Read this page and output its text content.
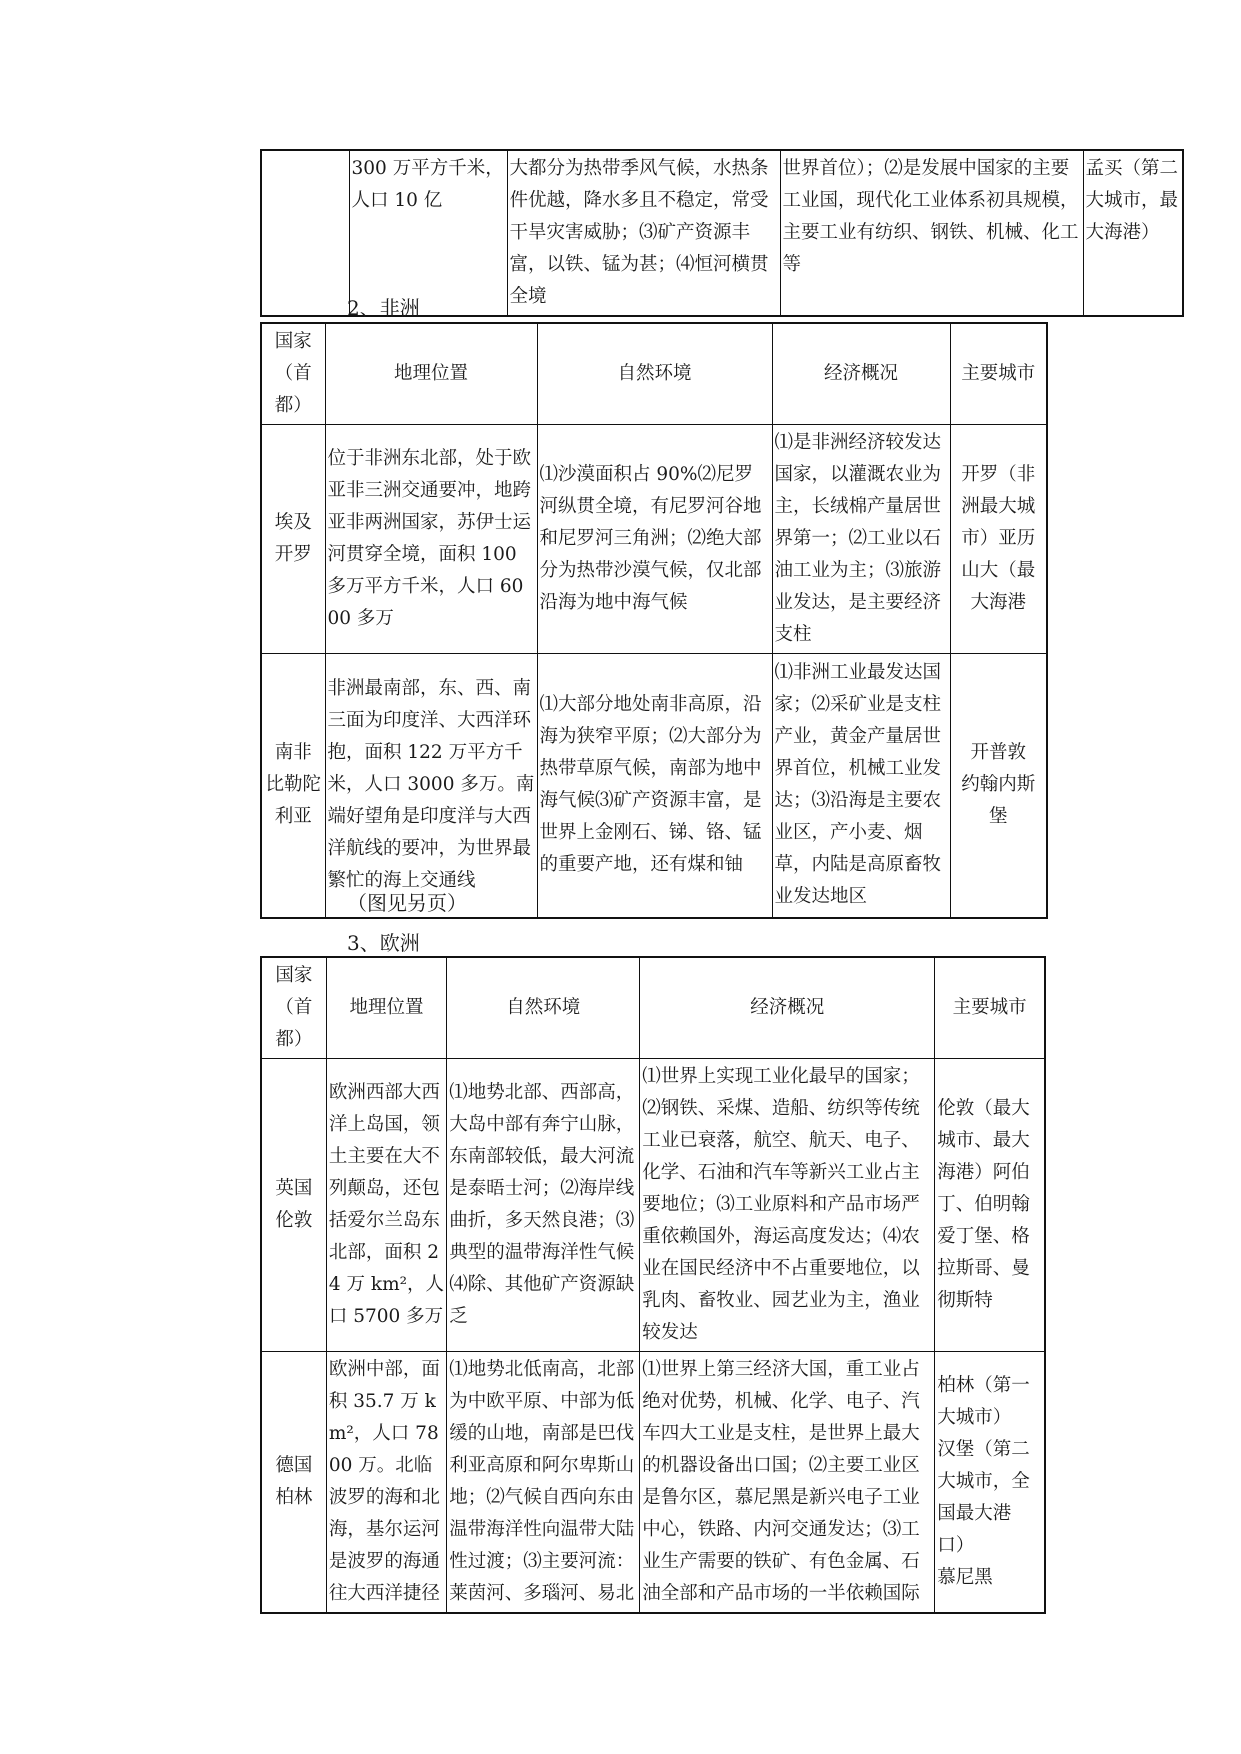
	300 万平方千米，人口 10 亿	大都分为热带季风气候，水热条件优越，降水多且不稳定，常受干旱灾害威胁；⑶矿产资源丰富，以铁、锰为甚；⑷恒河横贯全境	世界首位）；⑵是发展中国家的主要工业国，现代化工业体系初具规模，主要工业有纺织、钢铁、机械、化工等	孟买（第二大城市，最大海港）
2、非洲
国家（首都）	地理位置	自然环境	经济概况	主要城市

埃及
开罗	位于非洲东北部，处于欧亚非三洲交通要冲，地跨亚非两洲国家，苏伊士运河贯穿全境，面积 100 多万平方千米，人口 6000 多万	⑴沙漠面积占 90%⑵尼罗河纵贯全境，有尼罗河谷地和尼罗河三角洲；⑵绝大部分为热带沙漠气候，仅北部沿海为地中海气候	⑴是非洲经济较发达国家，以灌溉农业为主，长绒棉产量居世界第一；⑵工业以石油工业为主；⑶旅游业发达，是主要经济支柱	开罗（非洲最大城市）亚历山大（最大海港

南非
比勒陀利亚	非洲最南部，东、西、南三面为印度洋、大西洋环抱，面积 122 万平方千米，人口 3000 多万。南端好望角是印度洋与大西洋航线的要冲，为世界最繁忙的海上交通线	⑴大部分地处南非高原，沿海为狭窄平原；⑵大部分为热带草原气候，南部为地中海气候⑶矿产资源丰富，是世界上金刚石、锑、铬、锰的重要产地，还有煤和铀	⑴非洲工业最发达国家；⑵采矿业是支柱产业，黄金产量居世界首位，机械工业发达；⑶沿海是主要农业区，产小麦、烟草，内陆是高原畜牧业发达地区	开普敦
约翰内斯堡
（图见另页）
3、欧洲
国家（首都）	地理位置	自然环境	经济概况	主要城市

英国
伦敦	欧洲西部大西洋上岛国，领土主要在大不列颠岛，还包括爱尔兰岛东北部，面积 24 万 km²，人口 5700 多万	⑴地势北部、西部高，大岛中部有奔宁山脉，东南部较低，最大河流是泰晤士河；⑵海岸线曲折，多天然良港；⑶典型的温带海洋性气候⑷除、其他矿产资源缺乏	⑴世界上实现工业化最早的国家；⑵钢铁、采煤、造船、纺织等传统工业已衰落，航空、航天、电子、化学、石油和汽车等新兴工业占主要地位；⑶工业原料和产品市场严重依赖国外，海运高度发达；⑷农业在国民经济中不占重要地位，以乳肉、畜牧业、园艺业为主，渔业较发达	伦敦（最大城市、最大海港）阿伯丁、伯明翰爱丁堡、格拉斯哥、曼彻斯特

德国
柏林	欧洲中部，面积 35.7 万 km²，人口 7800 万。北临波罗的海和北海，基尔运河是波罗的海通往大西洋捷径	⑴地势北低南高，北部为中欧平原、中部为低缓的山地，南部是巴伐利亚高原和阿尔卑斯山地；⑵气候自西向东由温带海洋性向温带大陆性过渡；⑶主要河流：莱茵河、多瑙河、易北	⑴世界上第三经济大国，重工业占绝对优势，机械、化学、电子、汽车四大工业是支柱，是世界上最大的机器设备出口国；⑵主要工业区是鲁尔区，慕尼黑是新兴电子工业中心，铁路、内河交通发达；⑶工业生产需要的铁矿、有色金属、石油全部和产品市场的一半依赖国际	柏林（第一大城市）
汉堡（第二大城市，全国最大港口）
慕尼黑
